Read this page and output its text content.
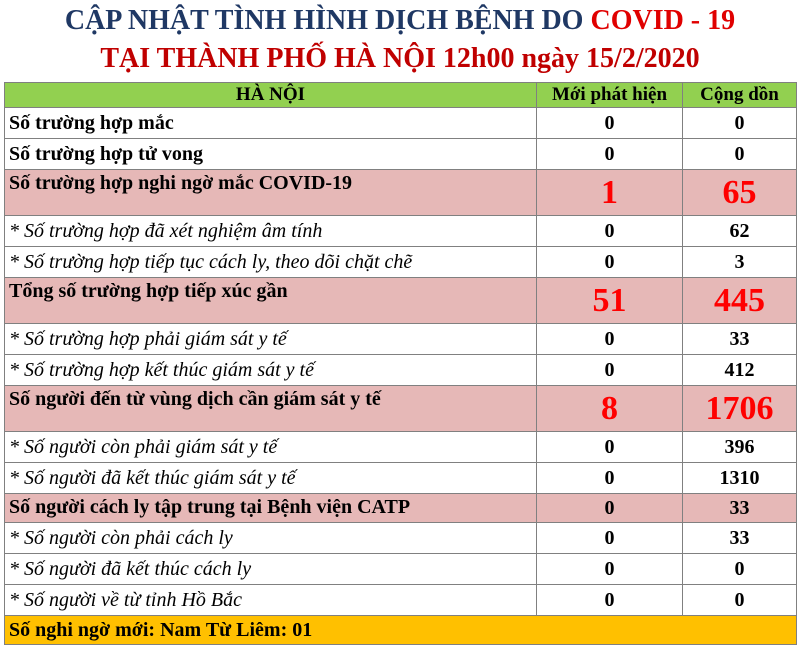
CẬP NHẬT TÌNH HÌNH DỊCH BỆNH DO COVID - 19
TẠI THÀNH PHỐ HÀ NỘI 12h00 ngày 15/2/2020
HÀ NỘI	Mới phát hiện	Cộng dồn
Số trường hợp mắc	0	0
Số trường hợp tử vong	0	0
Số trường hợp nghi ngờ mắc COVID-19	1	65
* Số trường hợp đã xét nghiệm âm tính	0	62
* Số trường hợp tiếp tục cách ly, theo dõi chặt chẽ	0	3
Tổng số trường hợp tiếp xúc gần	51	445
* Số trường hợp phải giám sát y tế	0	33
* Số trường hợp kết thúc giám sát y tế	0	412
Số người đến từ vùng dịch cần giám sát y tế	8	1706
* Số người còn phải giám sát y tế	0	396
* Số người đã kết thúc giám sát y tế	0	1310
Số người cách ly tập trung tại Bệnh viện CATP	0	33
* Số người còn phải cách ly	0	33
* Số người đã kết thúc cách ly	0	0
* Số người về từ tỉnh Hồ Bắc	0	0
Số nghi ngờ mới: Nam Từ Liêm: 01		
